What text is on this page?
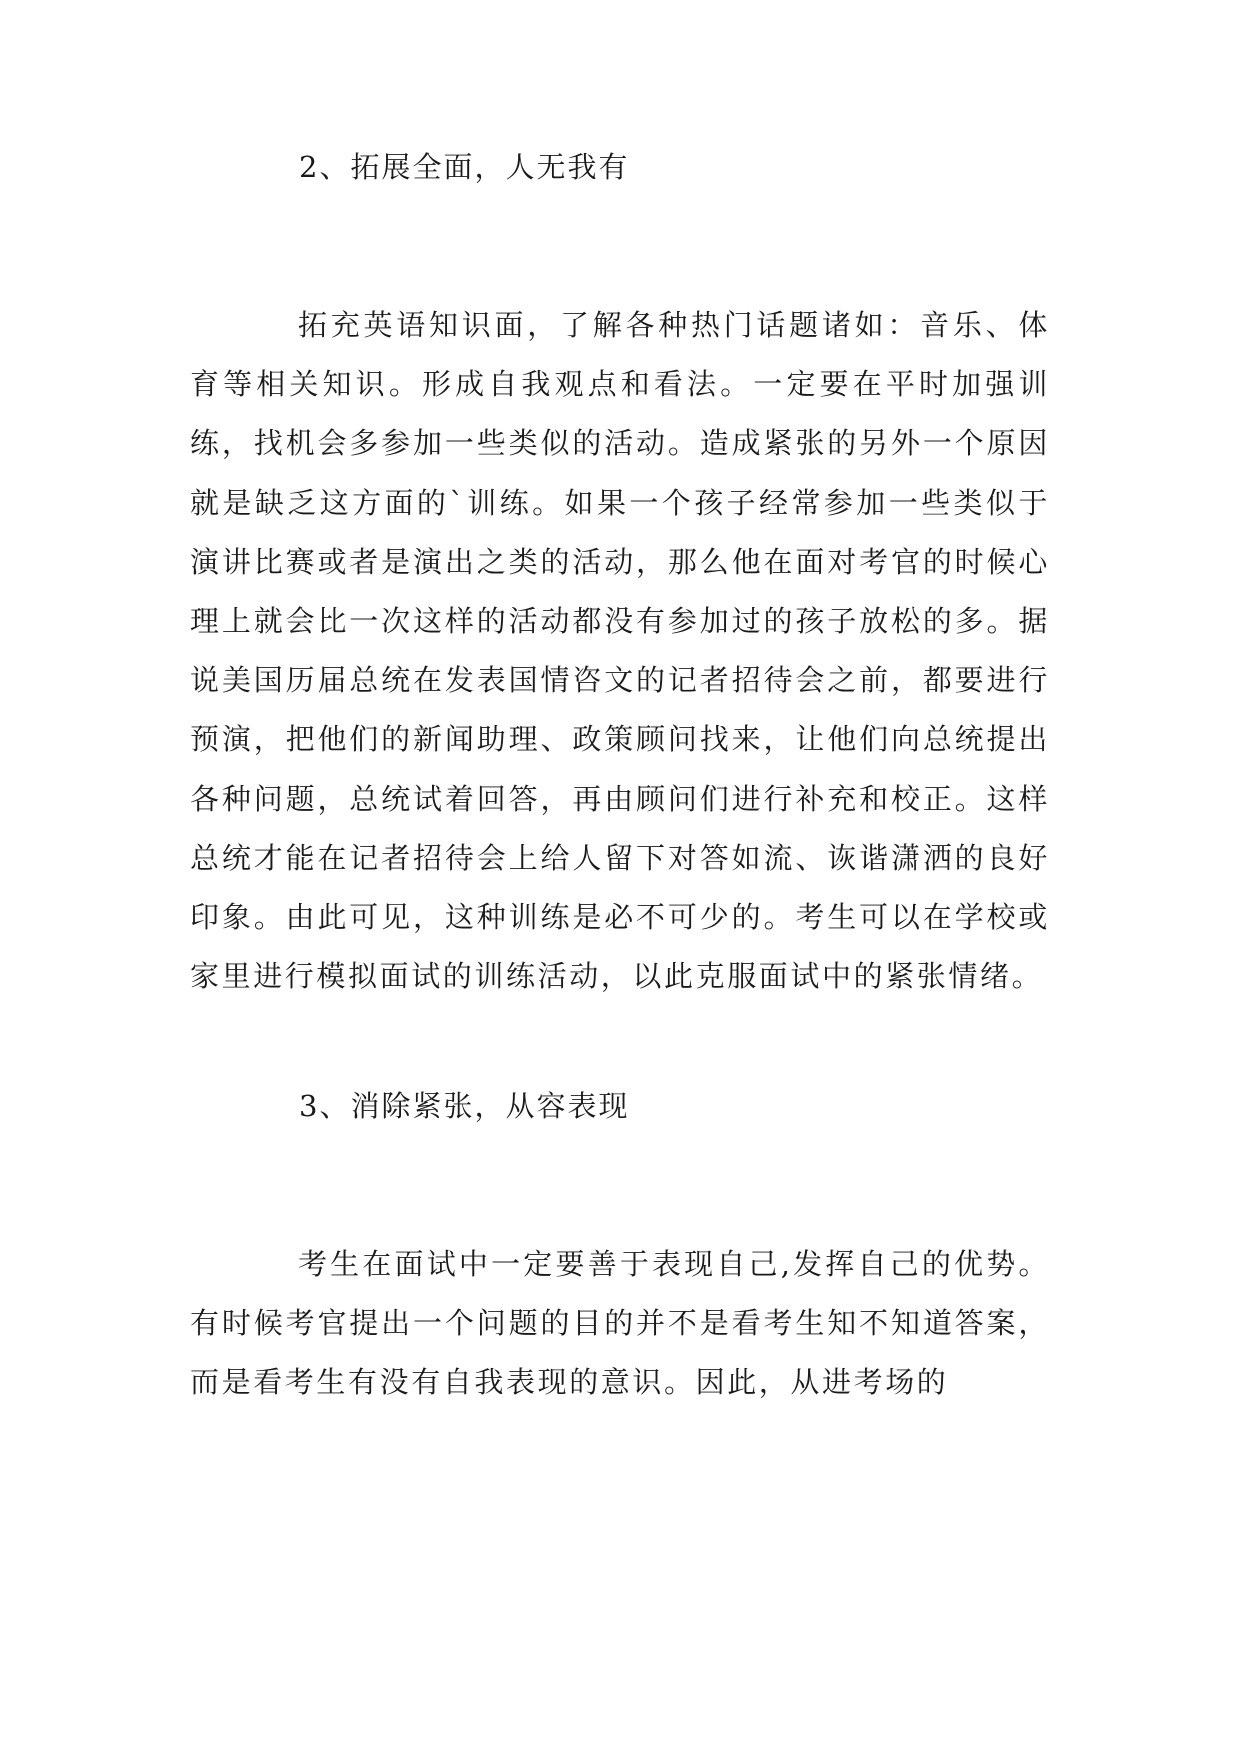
2、拓展全面，人无我有
拓充英语知识面，了解各种热门话题诸如：音乐、体育等相关知识。形成自我观点和看法。一定要在平时加强训练，找机会多参加一些类似的活动。造成紧张的另外一个原因就是缺乏这方面的`训练。如果一个孩子经常参加一些类似于演讲比赛或者是演出之类的活动，那么他在面对考官的时候心理上就会比一次这样的活动都没有参加过的孩子放松的多。据说美国历届总统在发表国情咨文的记者招待会之前，都要进行预演，把他们的新闻助理、政策顾问找来，让他们向总统提出各种问题，总统试着回答，再由顾问们进行补充和校正。这样总统才能在记者招待会上给人留下对答如流、诙谐潇洒的良好印象。由此可见，这种训练是必不可少的。考生可以在学校或家里进行模拟面试的训练活动，以此克服面试中的紧张情绪。
3、消除紧张，从容表现
考生在面试中一定要善于表现自己,发挥自己的优势。有时候考官提出一个问题的目的并不是看考生知不知道答案，而是看考生有没有自我表现的意识。因此，从进考场的
